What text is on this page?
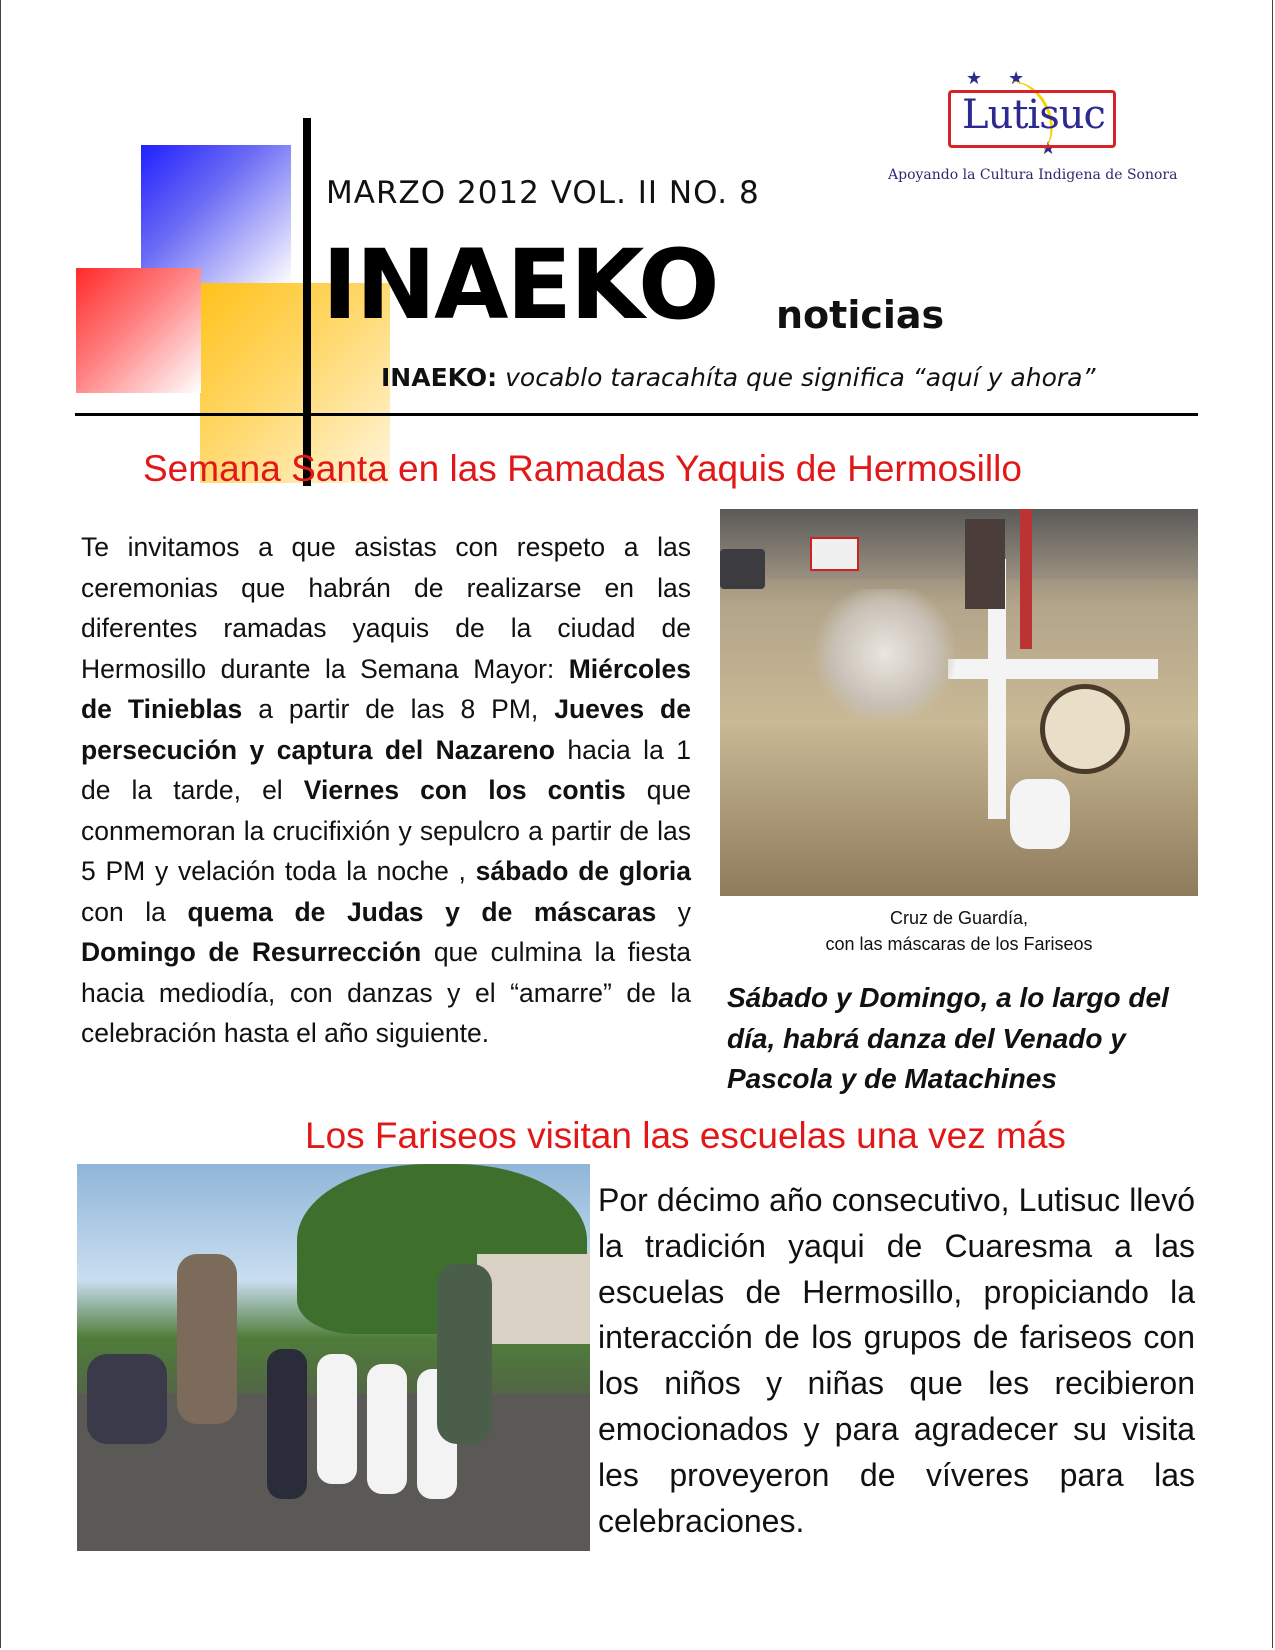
★ ★
★
Lutisuc
Apoyando la Cultura Indigena de Sonora
MARZO 2012 VOL. II NO. 8
INAEKO noticias
INAEKO: vocablo taracahíta que significa “aquí y ahora”
Semana Santa en las Ramadas Yaquis de Hermosillo
Te invitamos a que asistas con respeto a las ceremonias que habrán de realizarse en las diferentes ramadas yaquis de la ciudad de Hermosillo durante la Semana Mayor: Miércoles de Tinieblas a partir de las 8 PM, Jueves de persecución y captura del Nazareno hacia la 1 de la tarde, el Viernes con los contis que conmemoran la crucifixión y sepulcro a partir de las 5 PM y velación toda la noche , sábado de gloria con la quema de Judas y de máscaras y Domingo de Resurrección que culmina la fiesta hacia mediodía, con danzas y el “amarre” de la celebración hasta el año siguiente.
Cruz de Guardía,
con las máscaras de los Fariseos
Sábado y Domingo, a lo largo del día, habrá danza del Venado y Pascola y de Matachines
Los Fariseos visitan las escuelas una vez más
Por décimo año consecutivo, Lutisuc llevó la tradición yaqui de Cuaresma a las escuelas de Hermosillo, propiciando la interacción de los grupos de fariseos con los niños y niñas que les recibieron emocionados y para agradecer su visita les proveyeron de víveres para las celebraciones.
